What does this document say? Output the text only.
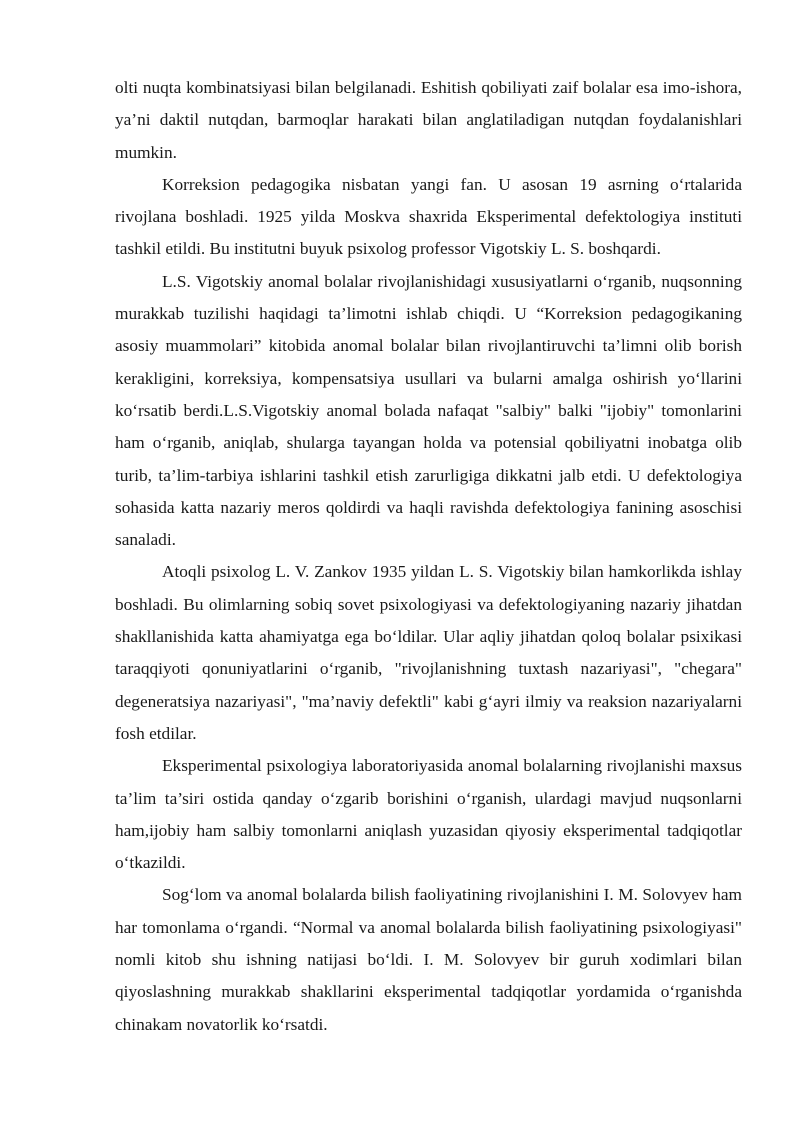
olti nuqta kombinatsiyasi bilan belgilanadi. Eshitish qobiliyati zaif bolalar esa imo-ishora, ya’ni daktil nutqdan, barmoqlar harakati bilan anglatiladigan nutqdan foydalanishlari mumkin.

Korreksion pedagogika nisbatan yangi fan. U asosan 19 asrning o‘rtalarida rivojlana boshladi. 1925 yilda Moskva shaxrida Eksperimental defektologiya instituti tashkil etildi. Bu institutni buyuk psixolog professor Vigotskiy L. S. boshqardi.

L.S. Vigotskiy anomal bolalar rivojlanishidagi xususiyatlarni o‘rganib, nuqsonning murakkab tuzilishi haqidagi ta’limotni ishlab chiqdi. U “Korreksion pedagogikaning asosiy muammolari” kitobida anomal bolalar bilan rivojlantiruvchi ta’limni olib borish kerakligini, korreksiya, kompensatsiya usullari va bularni amalga oshirish yo‘llarini ko‘rsatib berdi.L.S.Vigotskiy anomal bolada nafaqat "salbiy" balki "ijobiy" tomonlarini ham o‘rganib, aniqlab, shularga tayangan holda va potensial qobiliyatni inobatga olib turib, ta’lim-tarbiya ishlarini tashkil etish zarurligiga dikkatni jalb etdi. U defektologiya sohasida katta nazariy meros qoldirdi va haqli ravishda defektologiya fanining asoschisi sanaladi.

Atoqli psixolog L. V. Zankov 1935 yildan L. S. Vigotskiy bilan hamkorlikda ishlay boshladi. Bu olimlarning sobiq sovet psixologiyasi va defektologiyaning nazariy jihatdan shakllanishida katta ahamiyatga ega bo‘ldilar. Ular aqliy jihatdan qoloq bolalar psixikasi taraqqiyoti qonuniyatlarini o‘rganib, "rivojlanishning tuxtash nazariyasi", "chegara" degeneratsiya nazariyasi", "ma’naviy defektli" kabi g‘ayri ilmiy va reaksion nazariyalarni fosh etdilar.

Eksperimental psixologiya laboratoriyasida anomal bolalarning rivojlanishi maxsus ta’lim ta’siri ostida qanday o‘zgarib borishini o‘rganish, ulardagi mavjud nuqsonlarni ham,ijobiy ham salbiy tomonlarni aniqlash yuzasidan qiyosiy eksperimental tadqiqotlar o‘tkazildi.

Sog‘lom va anomal bolalarda bilish faoliyatining rivojlanishini I. M. Solovyev ham har tomonlama o‘rgandi. “Normal va anomal bolalarda bilish faoliyatining psixologiyasi" nomli kitob shu ishning natijasi bo‘ldi. I. M. Solovyev bir guruh xodimlari bilan qiyoslashning murakkab shakllarini eksperimental tadqiqotlar yordamida o‘rganishda chinakam novatorlik ko‘rsatdi.
